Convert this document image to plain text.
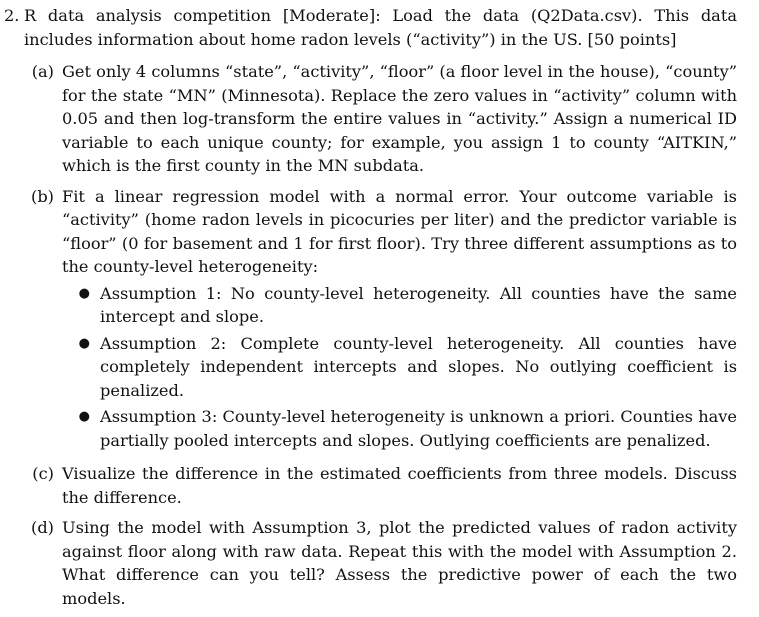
2. R data analysis competition [Moderate]: Load the data (Q2Data.csv). This data includes information about home radon levels (“activity”) in the US. [50 points]

(a) Get only 4 columns “state”, “activity”, “floor” (a floor level in the house), “county” for the state “MN” (Minnesota). Replace the zero values in “activity” column with 0.05 and then log-transform the entire values in “activity.” Assign a numerical ID variable to each unique county; for example, you assign 1 to county “AITKIN,” which is the first county in the MN subdata.
(b) Fit a linear regression model with a normal error. Your outcome variable is “activity” (home radon levels in picocuries per liter) and the predictor variable is “floor” (0 for basement and 1 for first floor). Try three different assumptions as to the county-level heterogeneity:
● Assumption 1: No county-level heterogeneity. All counties have the same intercept and slope.
● Assumption 2: Complete county-level heterogeneity. All counties have completely independent intercepts and slopes. No outlying coefficient is penalized.
● Assumption 3: County-level heterogeneity is unknown a priori. Counties have partially pooled intercepts and slopes. Outlying coefficients are penalized.
(c) Visualize the difference in the estimated coefficients from three models. Discuss the difference.
(d) Using the model with Assumption 3, plot the predicted values of radon activity against floor along with raw data. Repeat this with the model with Assumption 2. What difference can you tell? Assess the predictive power of each the two models.
